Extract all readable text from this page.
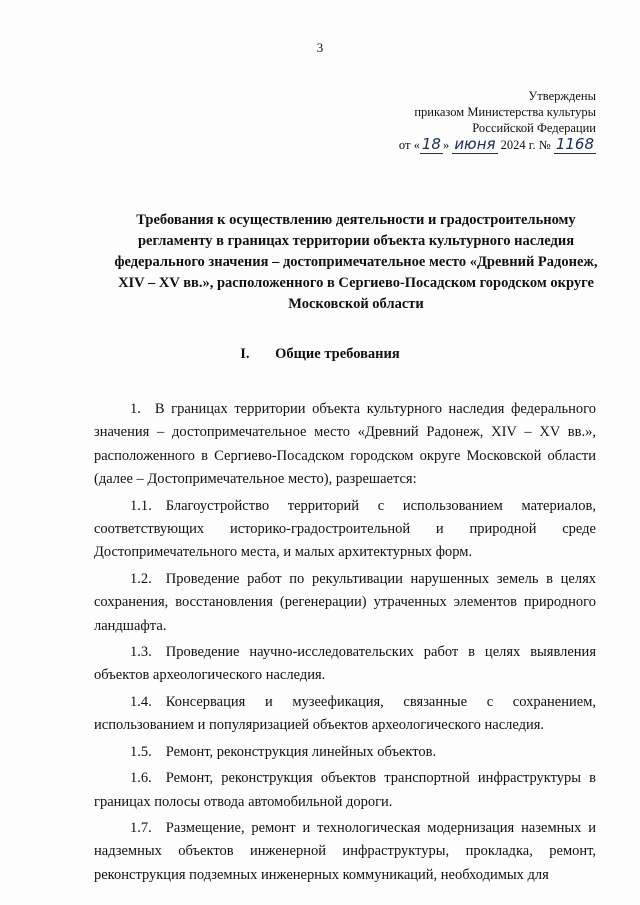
3
Утверждены
приказом Министерства культуры
Российской Федерации
от « 18 » июня 2024 г. № 1168
Требования к осуществлению деятельности и градостроительному регламенту в границах территории объекта культурного наследия федерального значения – достопримечательное место «Древний Радонеж, XIV – XV вв.», расположенного в Сергиево-Посадском городском округе Московской области
I. Общие требования

1. В границах территории объекта культурного наследия федерального значения – достопримечательное место «Древний Радонеж, XIV – XV вв.», расположенного в Сергиево-Посадском городском округе Московской области (далее – Достопримечательное место), разрешается:

1.1. Благоустройство территорий с использованием материалов, соответствующих историко-градостроительной и природной среде Достопримечательного места, и малых архитектурных форм.

1.2. Проведение работ по рекультивации нарушенных земель в целях сохранения, восстановления (регенерации) утраченных элементов природного ландшафта.

1.3. Проведение научно-исследовательских работ в целях выявления объектов археологического наследия.

1.4. Консервация и музеефикация, связанные с сохранением, использованием и популяризацией объектов археологического наследия.

1.5. Ремонт, реконструкция линейных объектов.

1.6. Ремонт, реконструкция объектов транспортной инфраструктуры в границах полосы отвода автомобильной дороги.

1.7. Размещение, ремонт и технологическая модернизация наземных и надземных объектов инженерной инфраструктуры, прокладка, ремонт, реконструкция подземных инженерных коммуникаций, необходимых для
